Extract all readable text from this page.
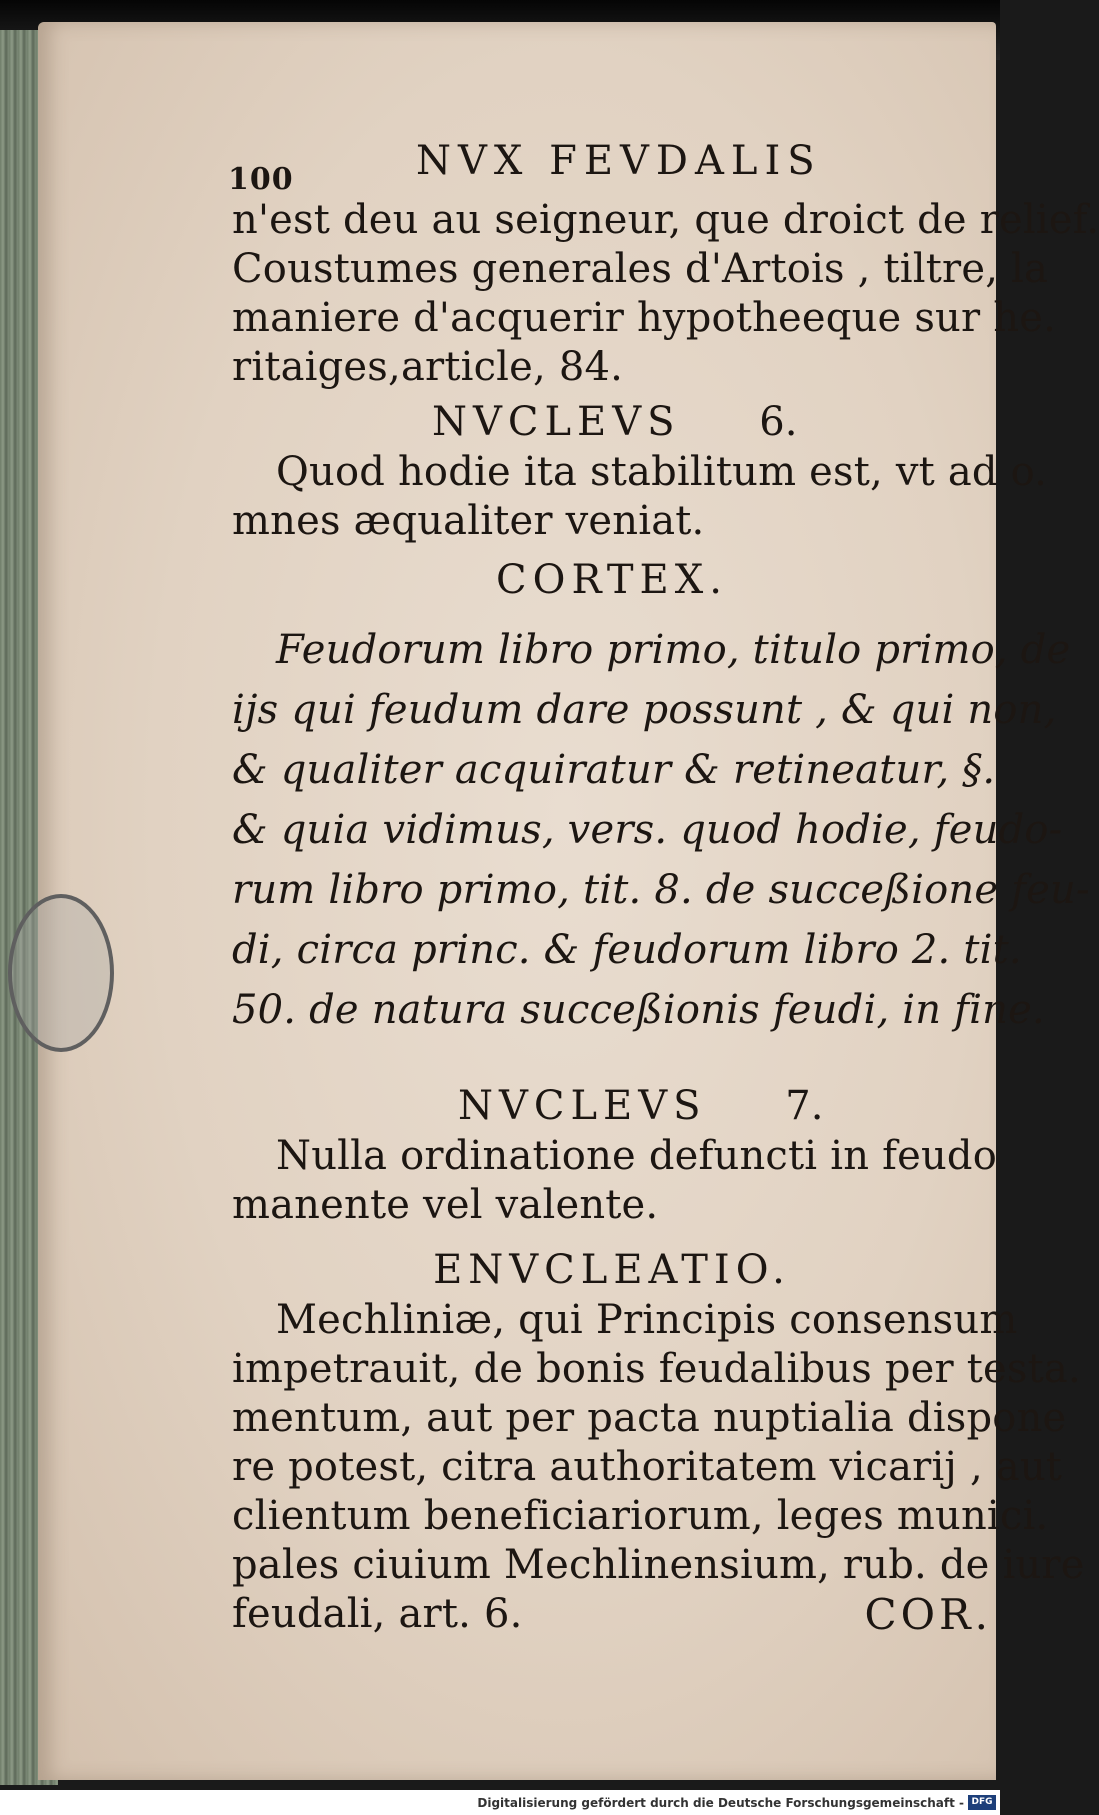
100	NVX FEVDALIS
n'est deu au seigneur, que droict de relief.
Coustumes generales d'Artois , tiltre, la
maniere d'acquerir hypotheeque sur he.
ritaiges,article, 84.
NVCLEVS 6.
Quod hodie ita stabilitum est, vt ad o.
mnes æqualiter veniat.
CORTEX.
Feudorum libro primo, titulo primo, de
ijs qui feudum dare possunt , & qui non,
& qualiter acquiratur & retineatur, §.
& quia vidimus, vers. quod hodie, feudo-
rum libro primo, tit. 8. de succeßione feu-
di, circa princ. & feudorum libro 2. tit.
50. de natura succeßionis feudi, in fine.
NVCLEVS 7.
Nulla ordinatione defuncti in feudo
manente vel valente.
ENVCLEATIO.
Mechliniæ, qui Principis consensum
impetrauit, de bonis feudalibus per testa.
mentum, aut per pacta nuptialia dispone
re potest, citra authoritatem vicarij , aut
clientum beneficiariorum, leges munici.
pales ciuium Mechlinensium, rub. de iure
feudali, art. 6.	COR.
Digitalisierung gefördert durch die Deutsche Forschungsgemeinschaft - DFG
